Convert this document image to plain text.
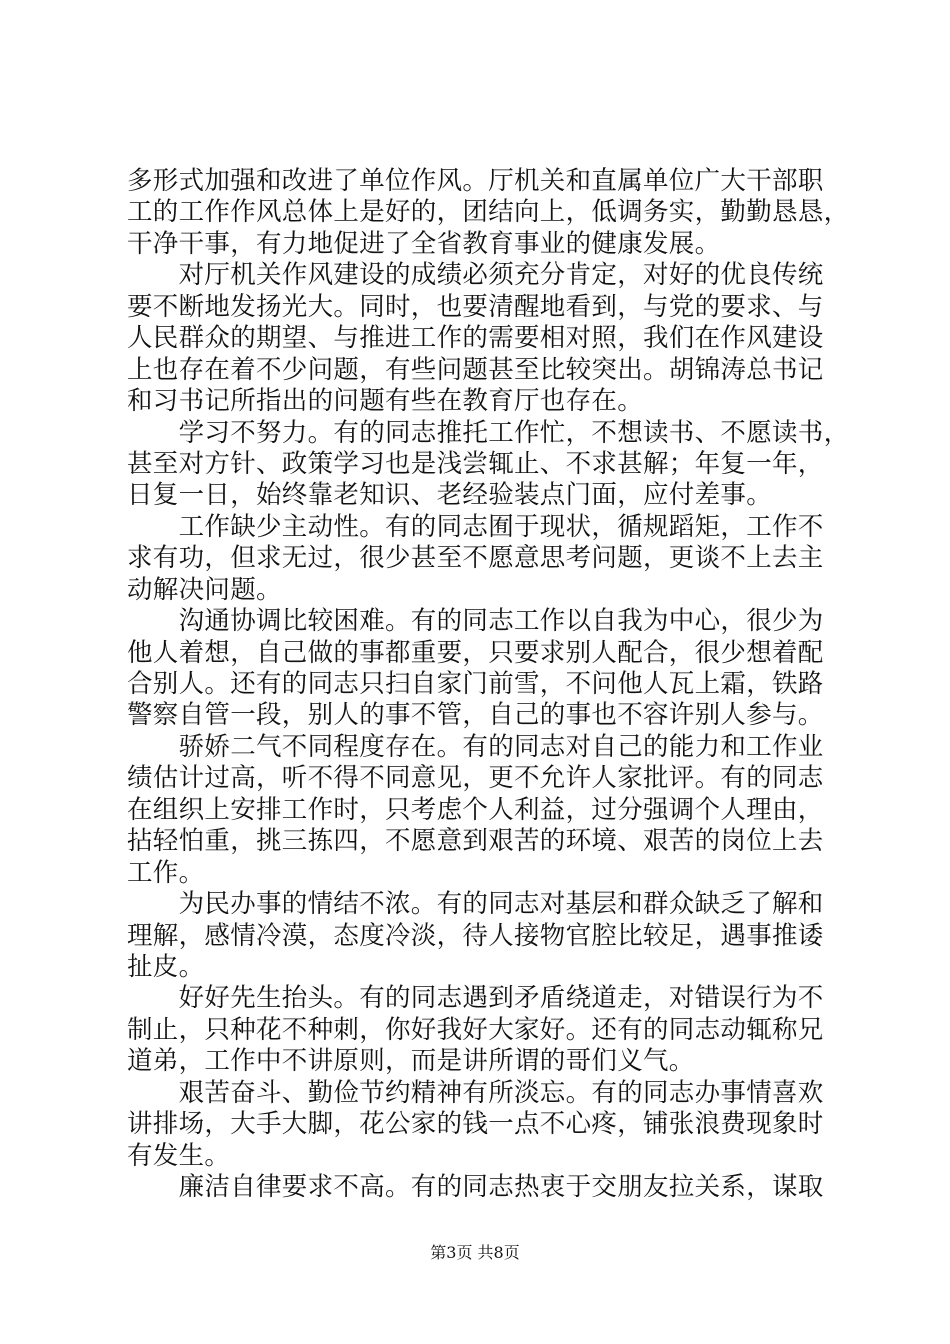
多形式加强和改进了单位作风。厅机关和直属单位广大干部职
工的工作作风总体上是好的，团结向上，低调务实，勤勤恳恳，
干净干事，有力地促进了全省教育事业的健康发展。
　　对厅机关作风建设的成绩必须充分肯定，对好的优良传统
要不断地发扬光大。同时，也要清醒地看到，与党的要求、与
人民群众的期望、与推进工作的需要相对照，我们在作风建设
上也存在着不少问题，有些问题甚至比较突出。胡锦涛总书记
和习书记所指出的问题有些在教育厅也存在。
　　学习不努力。有的同志推托工作忙，不想读书、不愿读书，
甚至对方针、政策学习也是浅尝辄止、不求甚解；年复一年，
日复一日，始终靠老知识、老经验装点门面，应付差事。
　　工作缺少主动性。有的同志囿于现状，循规蹈矩，工作不
求有功，但求无过，很少甚至不愿意思考问题，更谈不上去主
动解决问题。
　　沟通协调比较困难。有的同志工作以自我为中心，很少为
他人着想，自己做的事都重要，只要求别人配合，很少想着配
合别人。还有的同志只扫自家门前雪，不问他人瓦上霜，铁路
警察自管一段，别人的事不管，自己的事也不容许别人参与。
　　骄娇二气不同程度存在。有的同志对自己的能力和工作业
绩估计过高，听不得不同意见，更不允许人家批评。有的同志
在组织上安排工作时，只考虑个人利益，过分强调个人理由，
拈轻怕重，挑三拣四，不愿意到艰苦的环境、艰苦的岗位上去
工作。
　　为民办事的情结不浓。有的同志对基层和群众缺乏了解和
理解，感情冷漠，态度冷淡，待人接物官腔比较足，遇事推诿
扯皮。
　　好好先生抬头。有的同志遇到矛盾绕道走，对错误行为不
制止，只种花不种刺，你好我好大家好。还有的同志动辄称兄
道弟，工作中不讲原则，而是讲所谓的哥们义气。
　　艰苦奋斗、勤俭节约精神有所淡忘。有的同志办事情喜欢
讲排场，大手大脚，花公家的钱一点不心疼，铺张浪费现象时
有发生。
　　廉洁自律要求不高。有的同志热衷于交朋友拉关系，谋取
第3页 共8页
